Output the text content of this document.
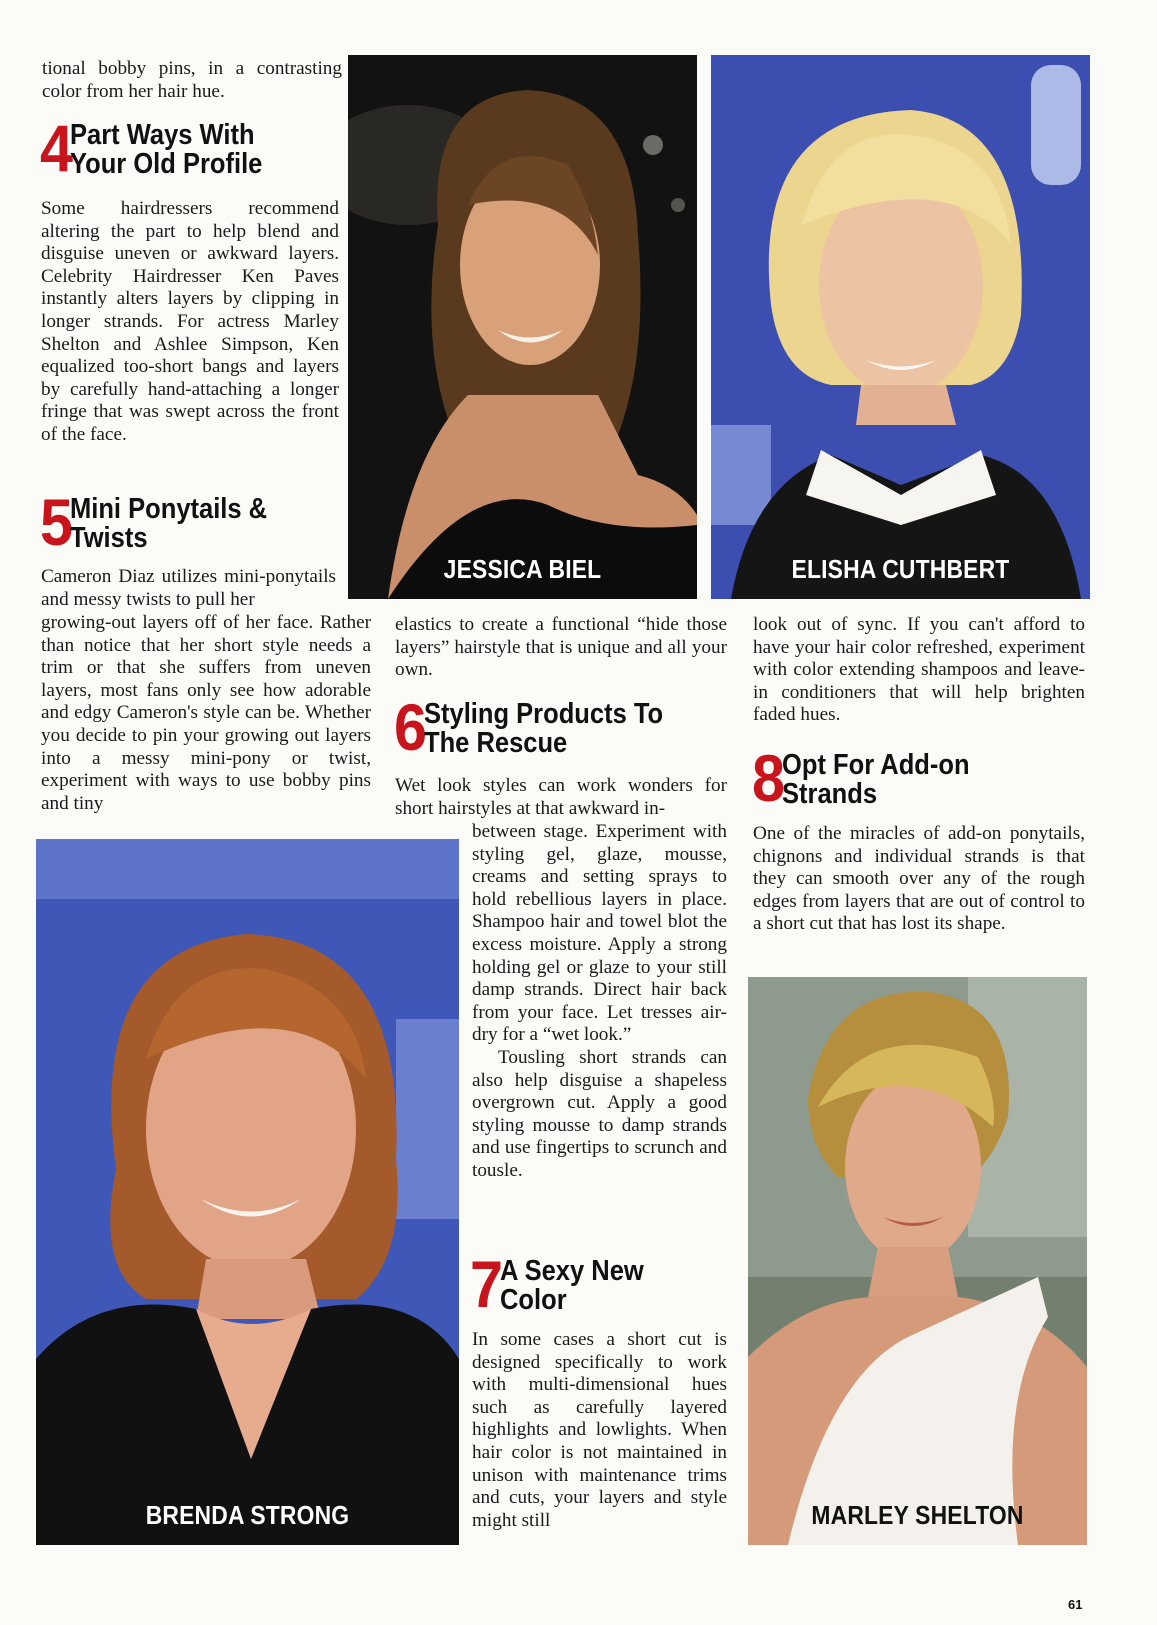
tional bobby pins, in a contrasting color from her hair hue.

4 Part Ways With
Your Old Profile

Some hairdressers recommend altering the part to help blend and disguise uneven or awkward layers. Celebrity Hairdresser Ken Paves instantly alters layers by clipping in longer strands. For actress Marley Shelton and Ashlee Simpson, Ken equalized too-short bangs and layers by carefully hand-attaching a longer fringe that was swept across the front of the face.

5 Mini Ponytails &
Twists

Cameron Diaz utilizes mini-ponytails and messy twists to pull her

growing-out layers off of her face. Rather than notice that her short style needs a trim or that she suffers from uneven layers, most fans only see how adorable and edgy Cameron's style can be. Whether you decide to pin your growing out layers into a messy mini-pony or twist, experiment with ways to use bobby pins and tiny

elastics to create a functional “hide those layers” hairstyle that is unique and all your own.

6 Styling Products To
The Rescue

Wet look styles can work wonders for short hairstyles at that awkward in-

between stage. Experiment with styling gel, glaze, mousse, creams and setting sprays to hold rebellious layers in place. Shampoo hair and towel blot the excess moisture. Apply a strong holding gel or glaze to your still damp strands. Direct hair back from your face. Let tresses air-dry for a “wet look.”

Tousling short strands can also help disguise a shapeless overgrown cut. Apply a good styling mousse to damp strands and use fingertips to scrunch and tousle.

7 A Sexy New
Color

In some cases a short cut is designed specifically to work with multi-dimensional hues such as carefully layered highlights and lowlights. When hair color is not maintained in unison with maintenance trims and cuts, your layers and style might still

look out of sync. If you can't afford to have your hair color refreshed, experiment with color extending shampoos and leave-in conditioners that will help brighten faded hues.

8 Opt For Add-on
Strands

One of the miracles of add-on ponytails, chignons and individual strands is that they can smooth over any of the rough edges from layers that are out of control to a short cut that has lost its shape.

JESSICA BIEL	ELISHA CUTHBERT
BRENDA STRONG	MARLEY SHELTON
61
